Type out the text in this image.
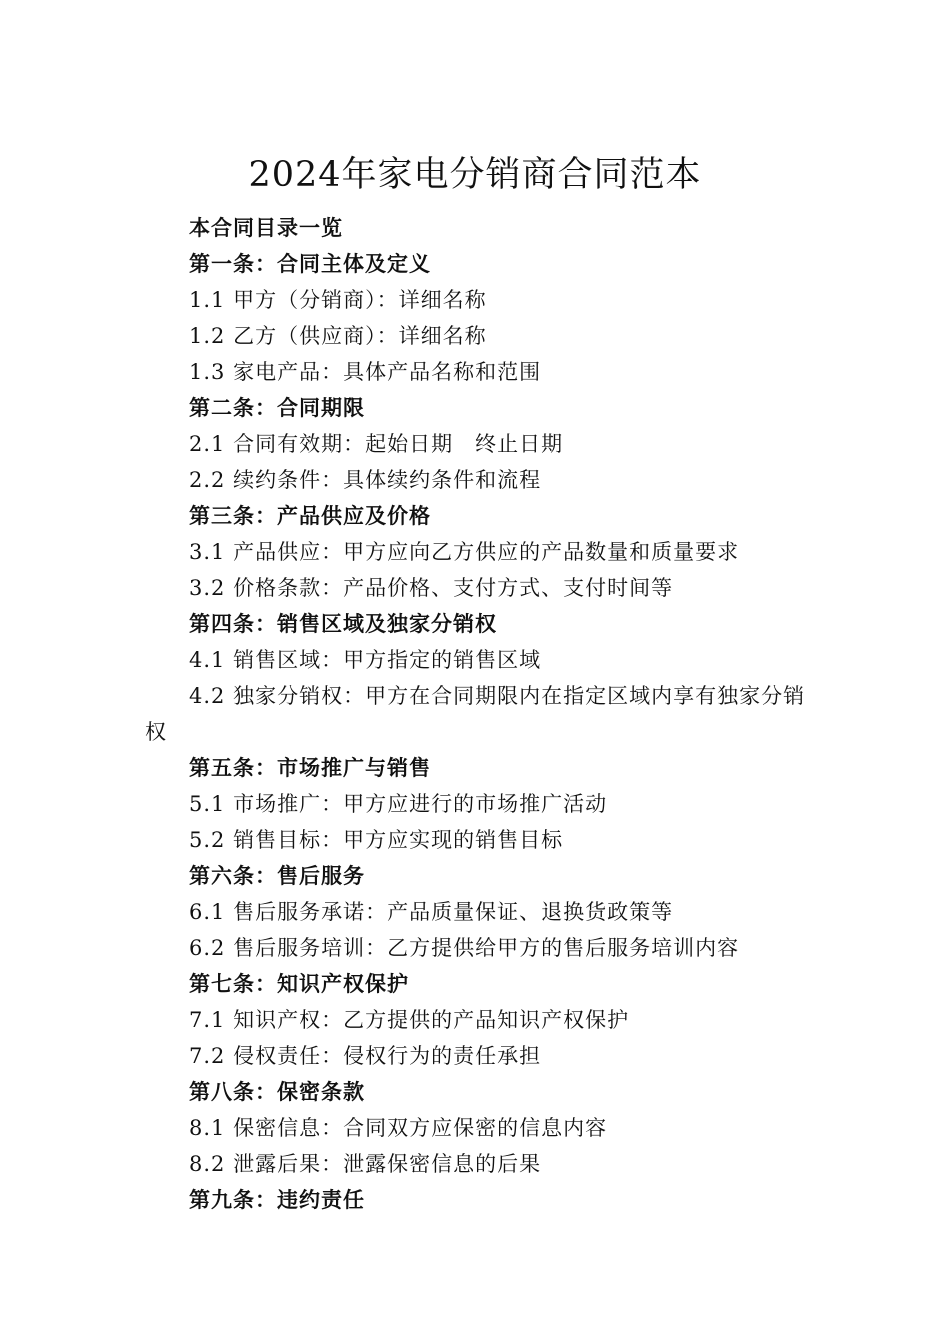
2024年家电分销商合同范本
本合同目录一览
第一条：合同主体及定义
1.1 甲方（分销商）：详细名称
1.2 乙方（供应商）：详细名称
1.3 家电产品：具体产品名称和范围
第二条：合同期限
2.1 合同有效期：起始日期　终止日期
2.2 续约条件：具体续约条件和流程
第三条：产品供应及价格
3.1 产品供应：甲方应向乙方供应的产品数量和质量要求
3.2 价格条款：产品价格、支付方式、支付时间等
第四条：销售区域及独家分销权
4.1 销售区域：甲方指定的销售区域

4.2 独家分销权：甲方在合同期限内在指定区域内享有独家分销权

第五条：市场推广与销售
5.1 市场推广：甲方应进行的市场推广活动
5.2 销售目标：甲方应实现的销售目标
第六条：售后服务
6.1 售后服务承诺：产品质量保证、退换货政策等
6.2 售后服务培训：乙方提供给甲方的售后服务培训内容
第七条：知识产权保护
7.1 知识产权：乙方提供的产品知识产权保护
7.2 侵权责任：侵权行为的责任承担
第八条：保密条款
8.1 保密信息：合同双方应保密的信息内容
8.2 泄露后果：泄露保密信息的后果
第九条：违约责任
